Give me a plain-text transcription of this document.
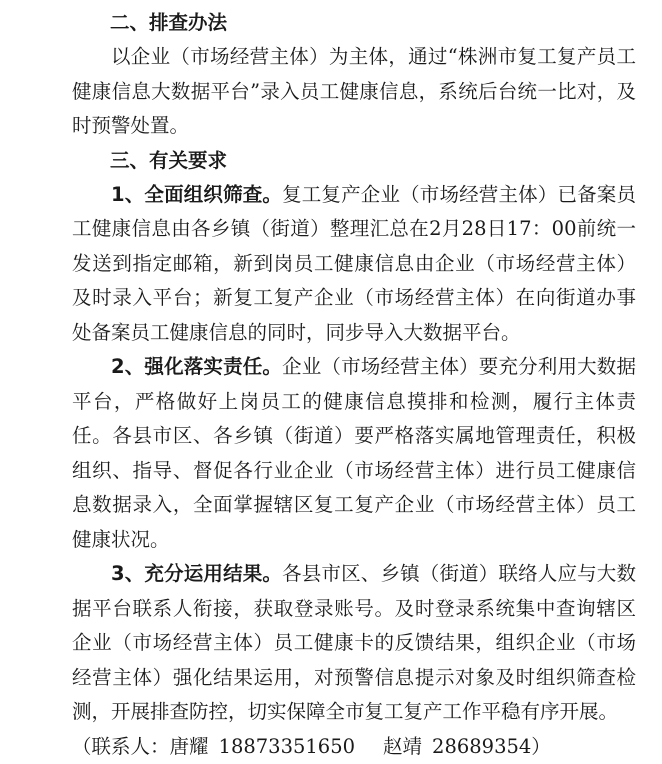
二、排查办法

以企业（市场经营主体）为主体，通过“株洲市复工复产员工健康信息大数据平台”录入员工健康信息，系统后台统一比对，及时预警处置。

三、有关要求

1、全面组织筛查。复工复产企业（市场经营主体）已备案员工健康信息由各乡镇（街道）整理汇总在2月28日17：00前统一发送到指定邮箱，新到岗员工健康信息由企业（市场经营主体）及时录入平台；新复工复产企业（市场经营主体）在向街道办事处备案员工健康信息的同时，同步导入大数据平台。

2、强化落实责任。企业（市场经营主体）要充分利用大数据平台，严格做好上岗员工的健康信息摸排和检测，履行主体责任。各县市区、各乡镇（街道）要严格落实属地管理责任，积极组织、指导、督促各行业企业（市场经营主体）进行员工健康信息数据录入，全面掌握辖区复工复产企业（市场经营主体）员工健康状况。

3、充分运用结果。各县市区、乡镇（街道）联络人应与大数据平台联系人衔接，获取登录账号。及时登录系统集中查询辖区企业（市场经营主体）员工健康卡的反馈结果，组织企业（市场经营主体）强化结果运用，对预警信息提示对象及时组织筛查检测，开展排查防控，切实保障全市复工复产工作平稳有序开展。

（联系人：唐耀 18873351650 赵靖 28689354）
